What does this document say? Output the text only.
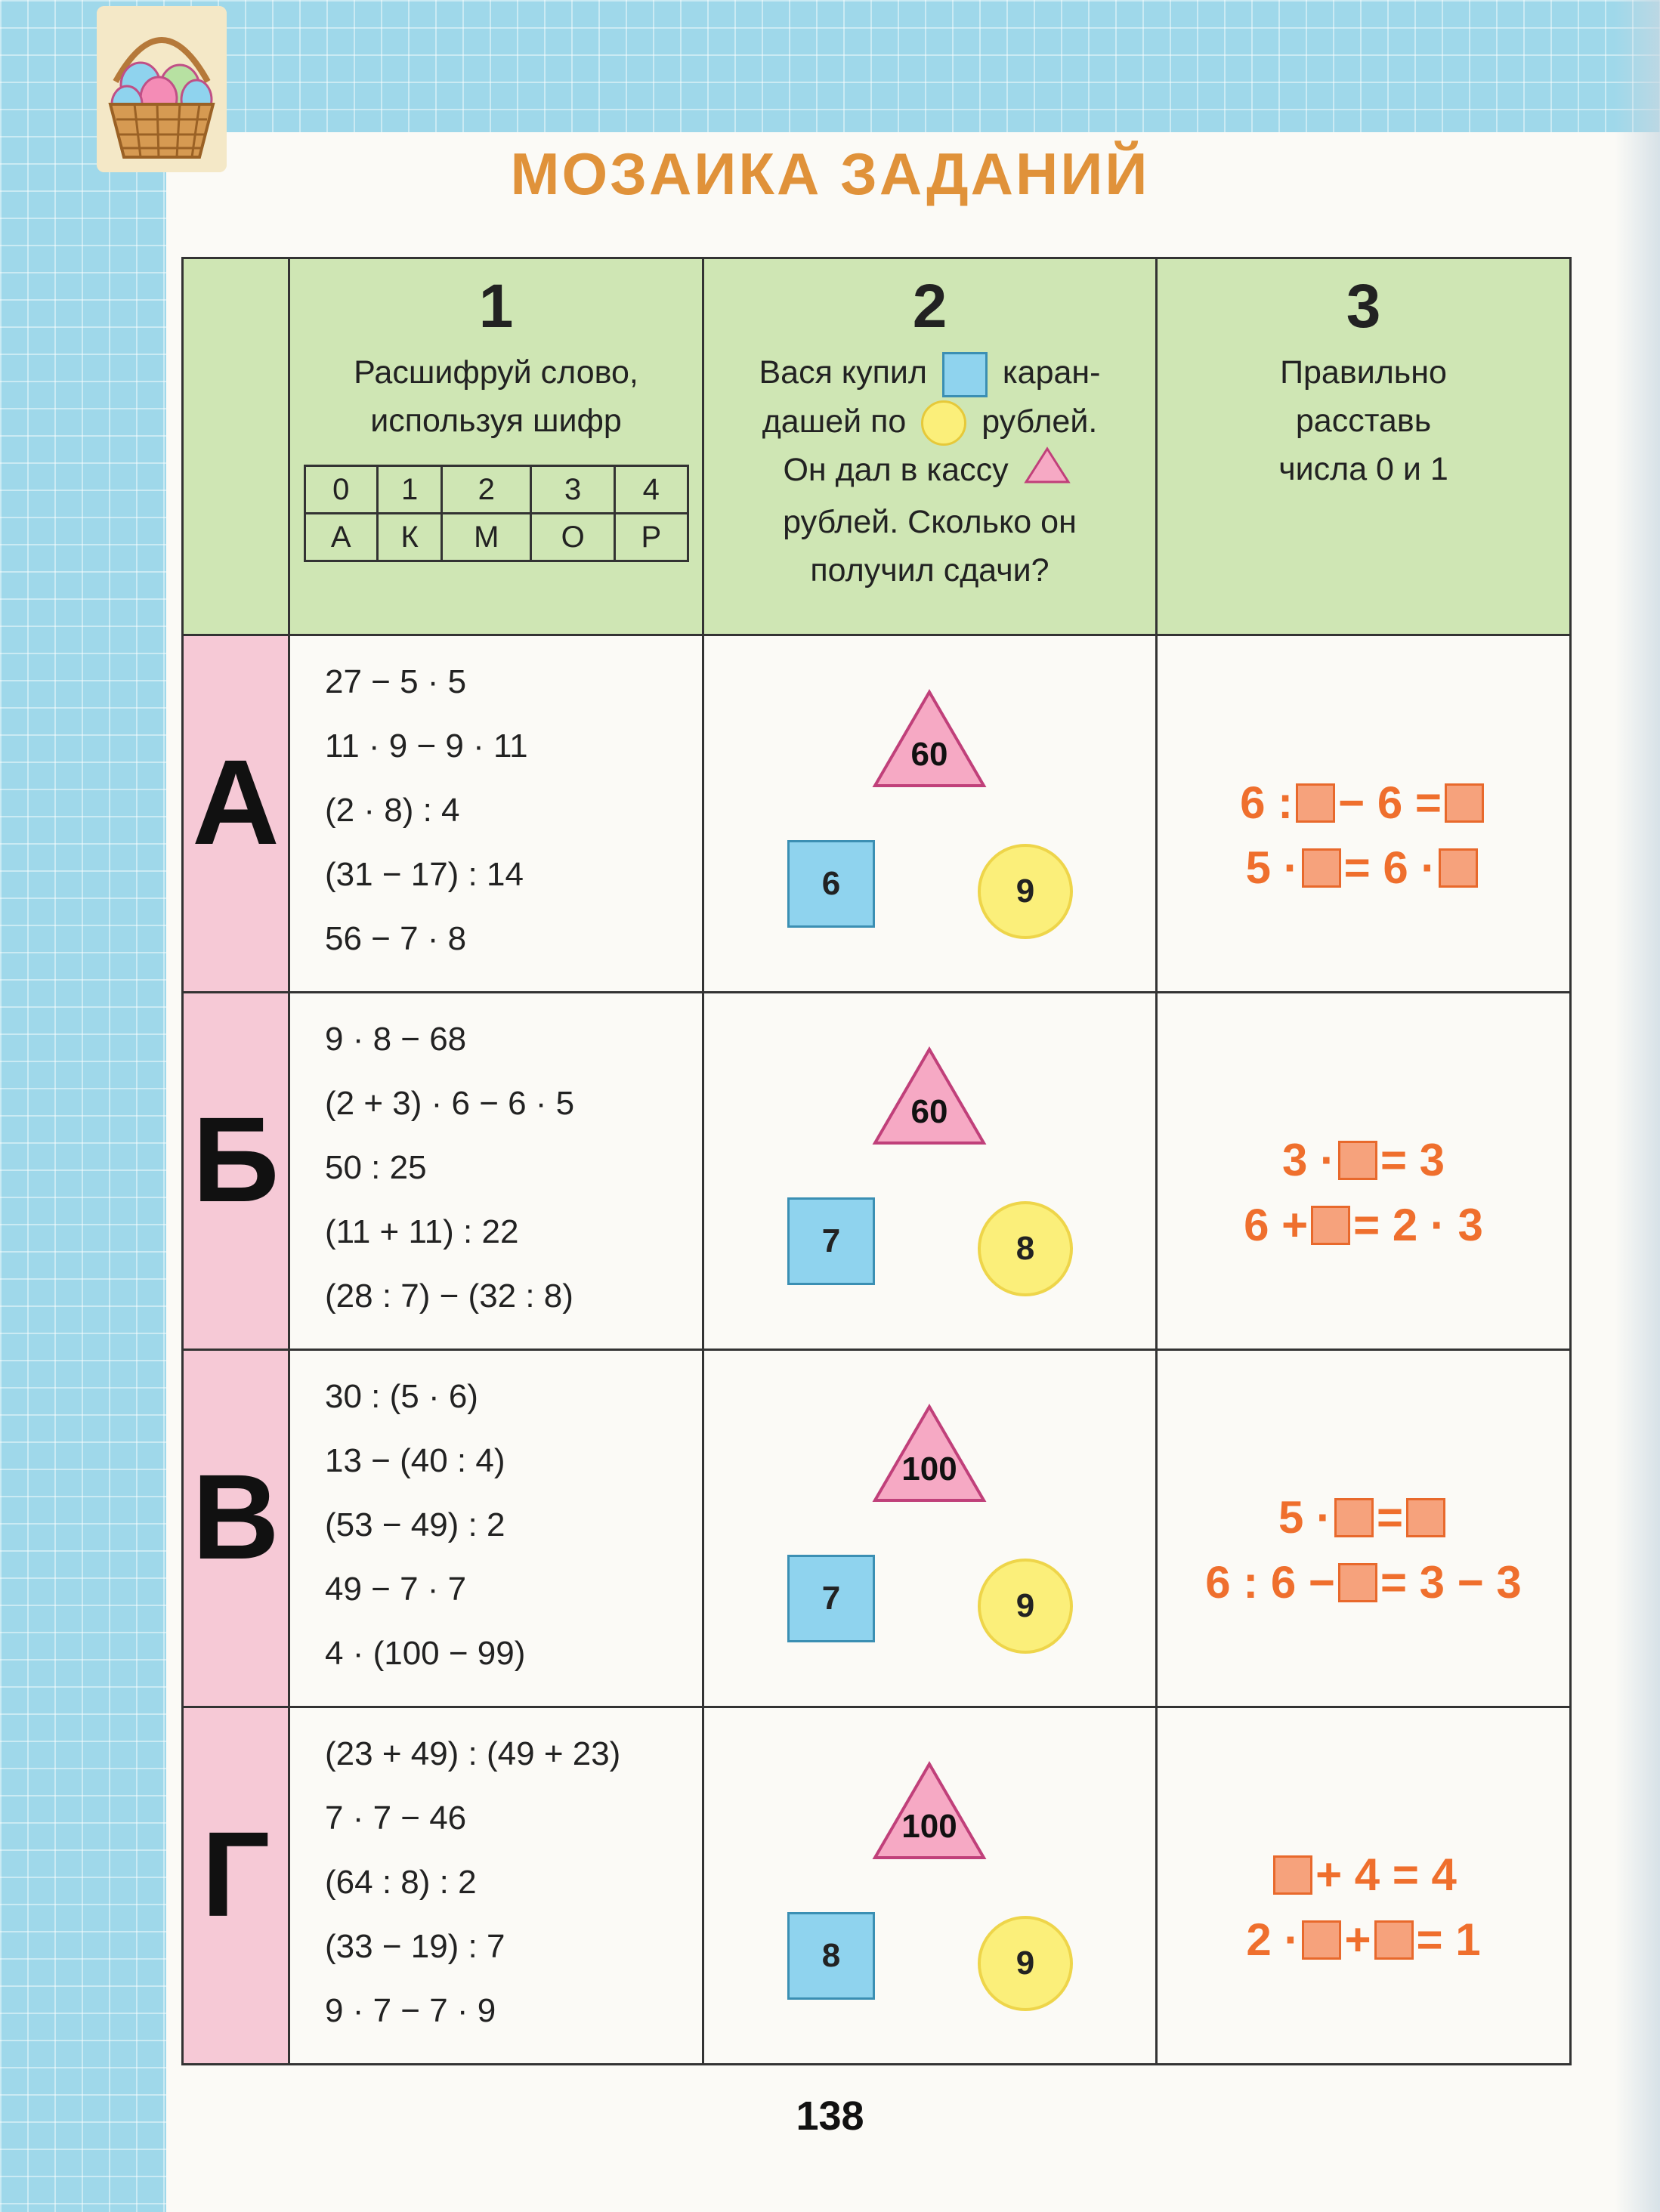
МОЗАИКА ЗАДАНИЙ

1
Расшифруй слово,
используя шифр
0	1	2	3	4
А	К	М	О	Р

2
Вася купил каран-
дашей по рублей.
Он дал в кассу
рублей. Сколько он
получил сдачи?

3
Правильно
расставь
числа 0 и 1

А

27 − 5 · 5
11 · 9 − 9 · 11
(2 · 8) : 4
(31 − 17) : 14
56 − 7 · 8

60
6	9

6 : − 6 =
5 · = 6 ·

Б

9 · 8 − 68
(2 + 3) · 6 − 6 · 5
50 : 25
(11 + 11) : 22
(28 : 7) − (32 : 8)

60
7	8

3 · = 3
6 + = 2 · 3

В

30 : (5 · 6)
13 − (40 : 4)
(53 − 49) : 2
49 − 7 · 7
4 · (100 − 99)

100
7	9

5 · =
6 : 6 − = 3 − 3

Г

(23 + 49) : (49 + 23)
7 · 7 − 46
(64 : 8) : 2
(33 − 19) : 7
9 · 7 − 7 · 9

100
8	9

+ 4 = 4
2 · + = 1
138
